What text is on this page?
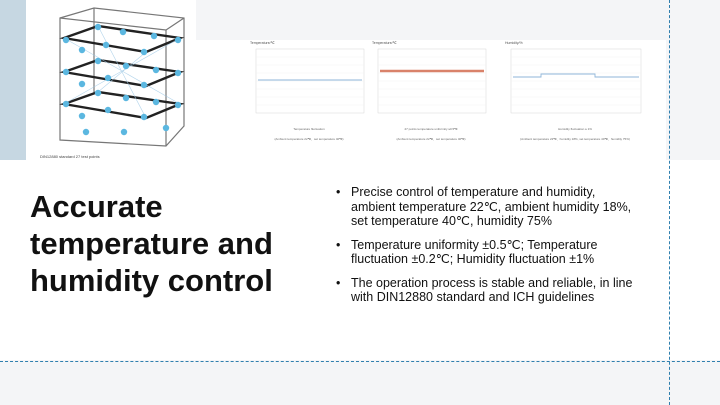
DIN12880 standard 27 test points
Temperature/℃
Temperature fluctuation
(Ambient temperature 22℃、set temperature 40℃)
Temperature/℃
27 points temperature uniformity ≤0.5℃
(Ambient temperature 22℃、set temperature 40℃)
Humidity/%
Humidity fluctuation ≤ 1%
(Ambient temperature 22℃、humidity 18%, set temperature 40℃、humidity 75%)
Accurate temperature and humidity control
• Precise control of temperature and humidity, ambient temperature 22℃, ambient humidity 18%, set temperature 40℃, humidity 75%
• Temperature uniformity ±0.5℃; Temperature fluctuation ±0.2℃; Humidity fluctuation ±1%
• The operation process is stable and reliable, in line with DIN12880 standard and ICH guidelines
